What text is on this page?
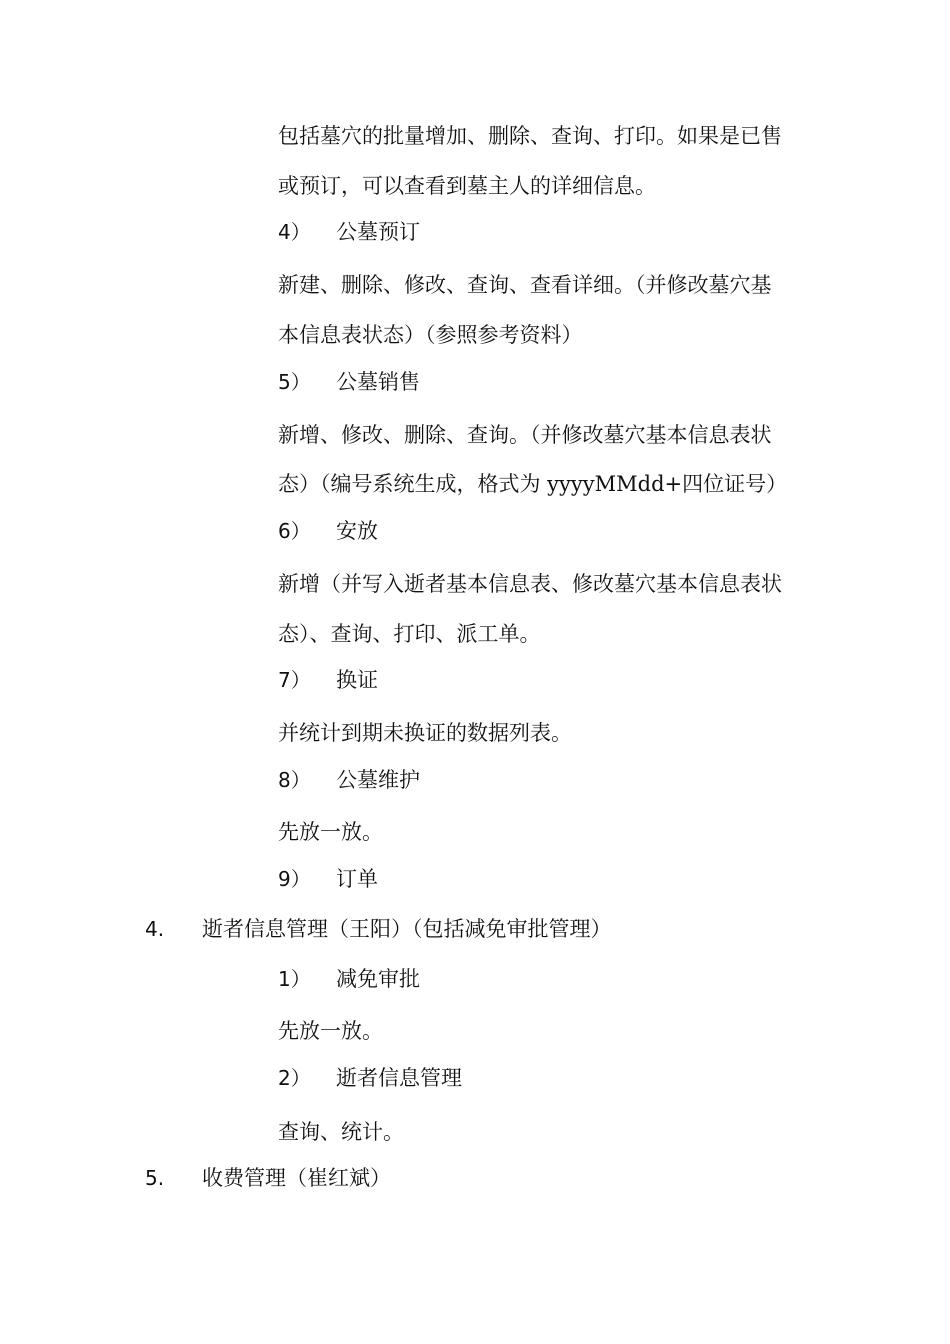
包括墓穴的批量增加、删除、查询、打印。如果是已售
或预订，可以查看到墓主人的详细信息。
4） 公墓预订
新建、删除、修改、查询、查看详细。（并修改墓穴基
本信息表状态）（参照参考资料）
5） 公墓销售
新增、修改、删除、查询。（并修改墓穴基本信息表状
态）（编号系统生成，格式为 yyyyMMdd+四位证号）
6） 安放
新增（并写入逝者基本信息表、修改墓穴基本信息表状
态）、查询、打印、派工单。
7） 换证
并统计到期未换证的数据列表。
8） 公墓维护
先放一放。
9） 订单
4. 逝者信息管理（王阳）（包括减免审批管理）
1） 减免审批
先放一放。
2） 逝者信息管理
查询、统计。
5. 收费管理（崔红斌）
